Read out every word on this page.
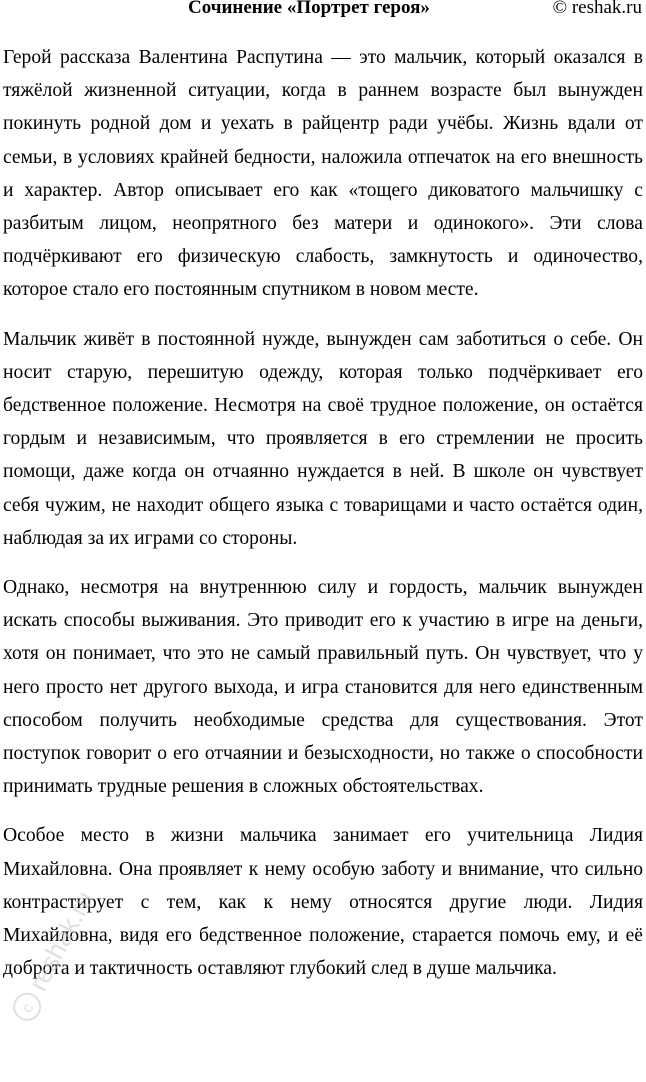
Сочинение «Портрет героя»	© reshak.ru

Герой рассказа Валентина Распутина — это мальчик, который оказался в тяжёлой жизненной ситуации, когда в раннем возрасте был вынужден покинуть родной дом и уехать в райцентр ради учёбы. Жизнь вдали от семьи, в условиях крайней бедности, наложила отпечаток на его внешность и характер. Автор описывает его как «тощего диковатого мальчишку с разбитым лицом, неопрятного без матери и одинокого». Эти слова подчёркивают его физическую слабость, замкнутость и одиночество, которое стало его постоянным спутником в новом месте.

Мальчик живёт в постоянной нужде, вынужден сам заботиться о себе. Он носит старую, перешитую одежду, которая только подчёркивает его бедственное положение. Несмотря на своё трудное положение, он остаётся гордым и независимым, что проявляется в его стремлении не просить помощи, даже когда он отчаянно нуждается в ней. В школе он чувствует себя чужим, не находит общего языка с товарищами и часто остаётся один, наблюдая за их играми со стороны.

Однако, несмотря на внутреннюю силу и гордость, мальчик вынужден искать способы выживания. Это приводит его к участию в игре на деньги, хотя он понимает, что это не самый правильный путь. Он чувствует, что у него просто нет другого выхода, и игра становится для него единственным способом получить необходимые средства для существования. Этот поступок говорит о его отчаянии и безысходности, но также о способности принимать трудные решения в сложных обстоятельствах.

Особое место в жизни мальчика занимает его учительница Лидия Михайловна. Она проявляет к нему особую заботу и внимание, что сильно контрастирует с тем, как к нему относятся другие люди. Лидия Михайловна, видя его бедственное положение, старается помочь ему, и её доброта и тактичность оставляют глубокий след в душе мальчика.

c
reshak.ru
